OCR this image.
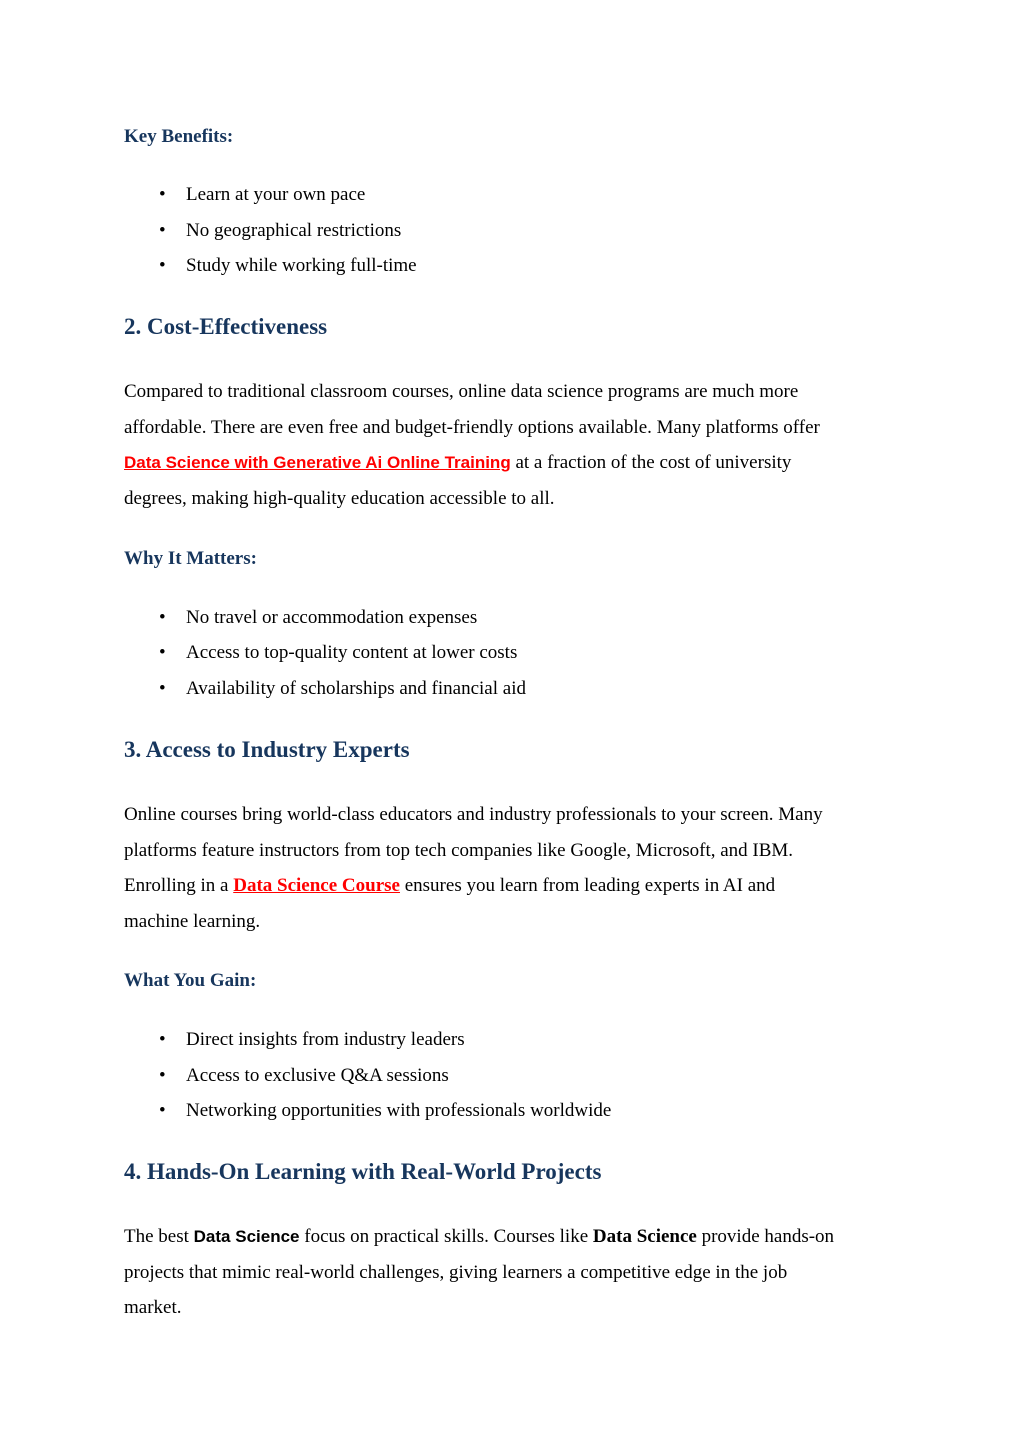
Key Benefits:

• Learn at your own pace
• No geographical restrictions
• Study while working full-time
2. Cost-Effectiveness
Compared to traditional classroom courses, online data science programs are much more
affordable. There are even free and budget-friendly options available. Many platforms offer
Data Science with Generative Ai Online Training at a fraction of the cost of university
degrees, making high-quality education accessible to all.

Why It Matters:

• No travel or accommodation expenses
• Access to top-quality content at lower costs
• Availability of scholarships and financial aid
3. Access to Industry Experts
Online courses bring world-class educators and industry professionals to your screen. Many
platforms feature instructors from top tech companies like Google, Microsoft, and IBM.
Enrolling in a Data Science Course ensures you learn from leading experts in AI and
machine learning.

What You Gain:

• Direct insights from industry leaders
• Access to exclusive Q&A sessions
• Networking opportunities with professionals worldwide
4. Hands-On Learning with Real-World Projects
The best Data Science focus on practical skills. Courses like Data Science provide hands-on
projects that mimic real-world challenges, giving learners a competitive edge in the job
market.
